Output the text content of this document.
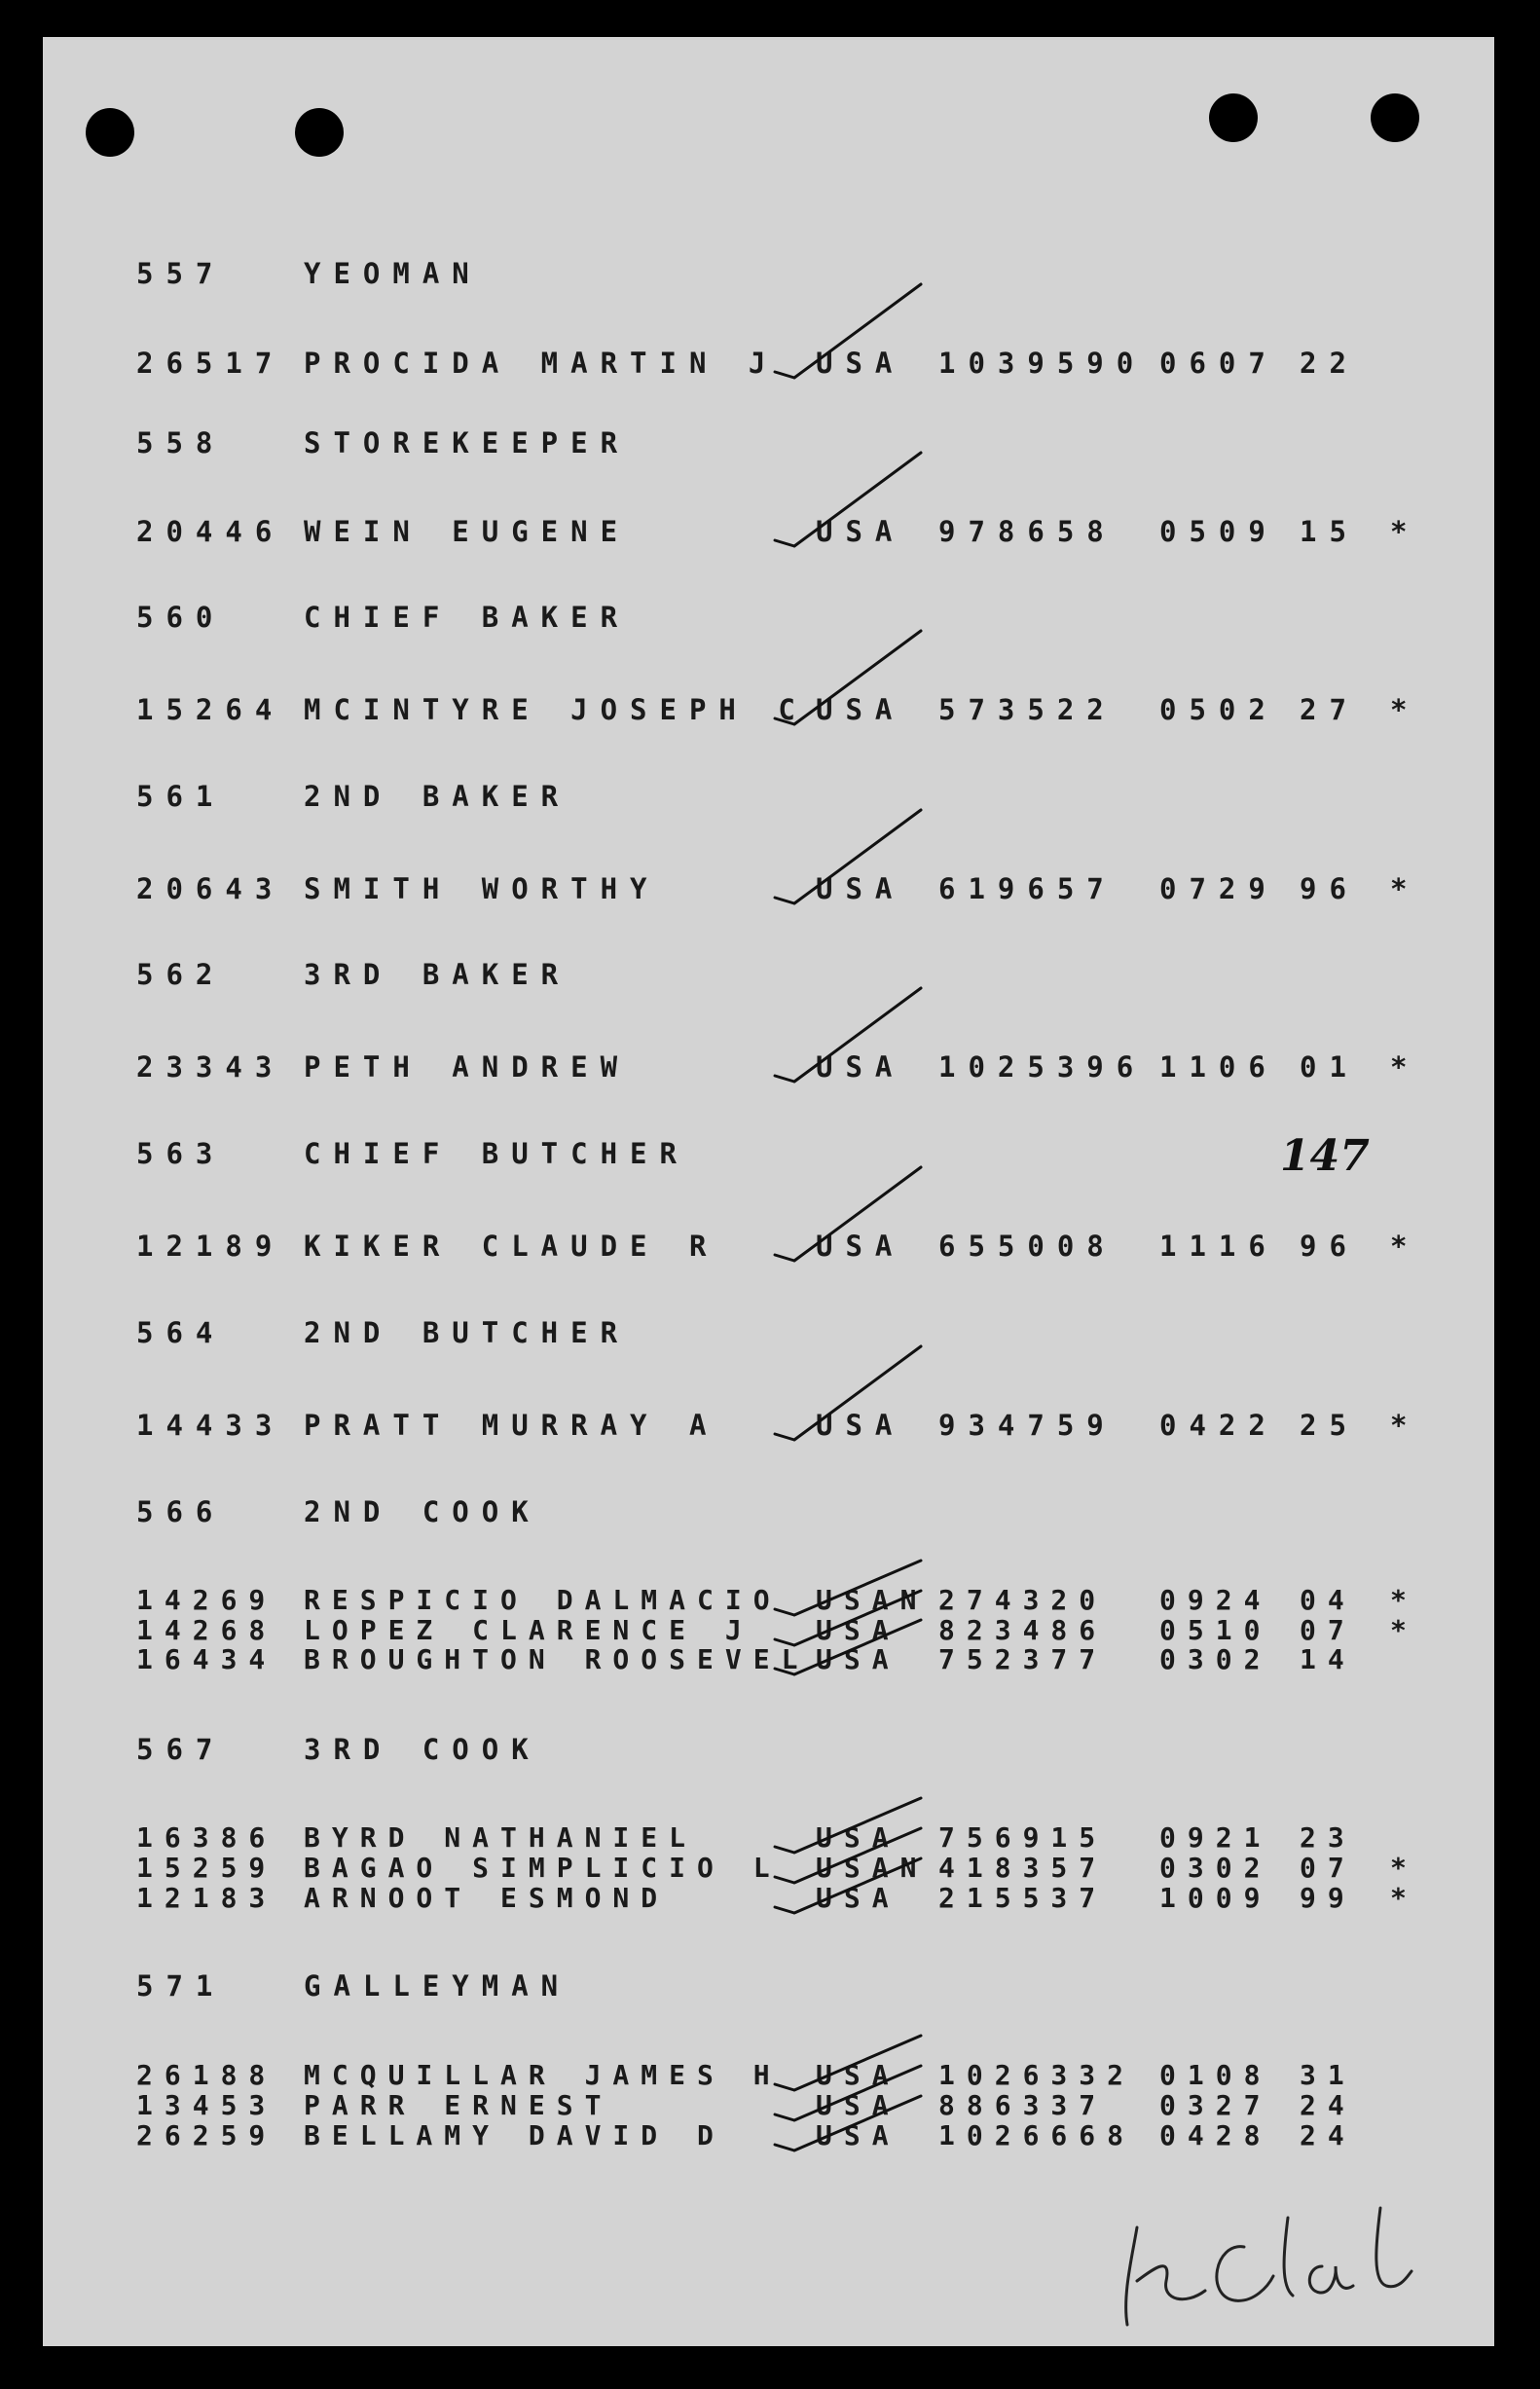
557	YEOMAN
26517 PROCIDA MARTIN J USA 1039590 0607 22
558	STOREKEEPER
20446 WEIN EUGENE	USA 978658 0509 15 *
560	CHIEF BAKER
15264 MCINTYRE JOSEPH C USA 573522 0502 27 *
561	2ND BAKER
20643 SMITH WORTHY	USA 619657 0729 96 *
562	3RD BAKER
23343 PETH ANDREW	USA 1025396 1106 01 *
563	CHIEF BUTCHER
12189 KIKER CLAUDE R	USA 655008 1116 96 *
564	2ND BUTCHER
14433 PRATT MURRAY A	USA 934759 0422 25 *
566	2ND COOK
14269 RESPICIO DALMACIO USAN 274320 0924 04 *
14268 LOPEZ CLARENCE J USA 823486 0510 07 *
16434 BROUGHTON ROOSEVEL USA 752377 0302 14
567	3RD COOK
16386 BYRD NATHANIEL	USA 756915 0921 23
15259 BAGAO SIMPLICIO L USAN 418357 0302 07 *
12183 ARNOOT ESMOND	USA 215537 1009 99 *
571	GALLEYMAN
26188 MCQUILLAR JAMES H USA 1026332 0108 31
13453 PARR ERNEST	USA 886337 0327 24
26259 BELLAMY DAVID D	USA 1026668 0428 24
147
